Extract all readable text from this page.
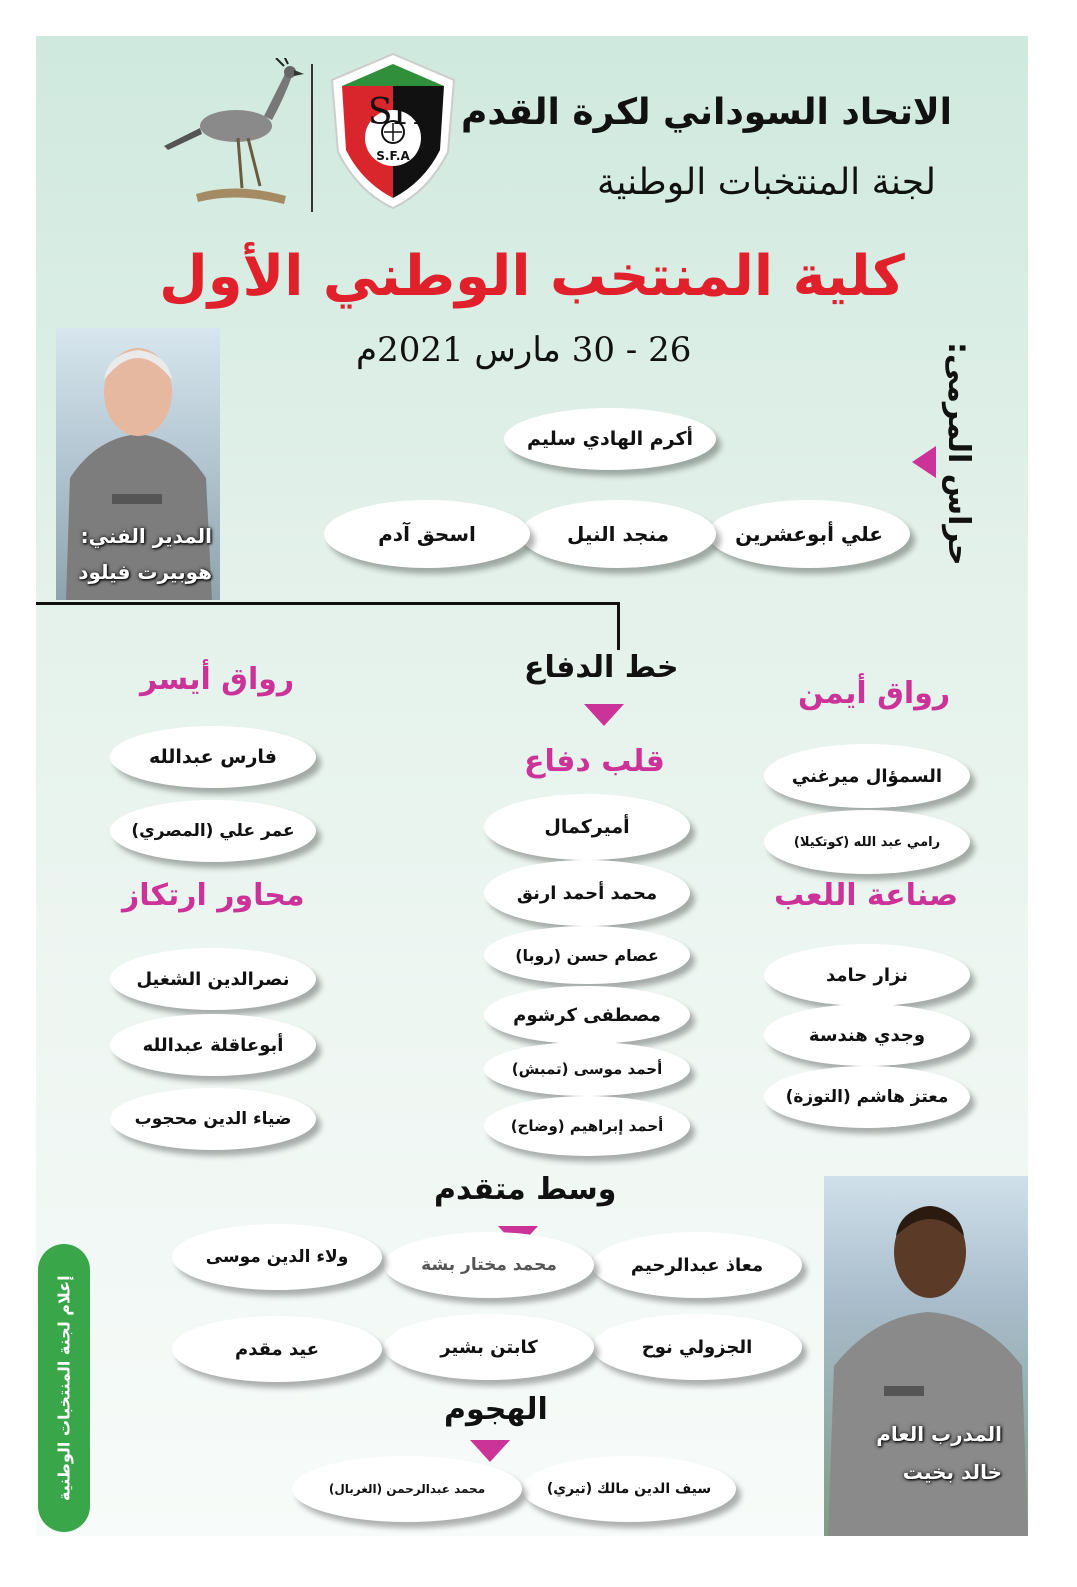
S.F.A
الاتحاد السوداني لكرة القدم SFA
لجنة المنتخبات الوطنية
كلية المنتخب الوطني الأول
26 - 30 مارس 2021م
المدير الفني:
هوبيرت فيلود
حراس المرمى:
أكرم الهادي سليم
علي أبوعشرين
منجد النيل
اسحق آدم
خط الدفاع
رواق أيسر
فارس عبدالله
عمر علي (المصري)
رواق أيمن
السمؤال ميرغني
رامي عبد الله (كوتكيلا)
قلب دفاع
أميركمال
محمد أحمد ارنق
عصام حسن (روبا)
مصطفى كرشوم
أحمد موسى (تمبش)
أحمد إبراهيم (وضاح)
محاور ارتكاز
نصرالدين الشغيل
أبوعاقلة عبدالله
ضياء الدين محجوب
صناعة اللعب
نزار حامد
وجدي هندسة
معتز هاشم (التوزة)
وسط متقدم
معاذ عبدالرحيم
محمد مختار بشة
ولاء الدين موسى
الجزولي نوح
كابتن بشير
عيد مقدم
الهجوم
سيف الدين مالك (تيري)
محمد عبدالرحمن (الغربال)
إعلام لجنة المنتخبات الوطنية	المدرب العام
خالد بخيت
